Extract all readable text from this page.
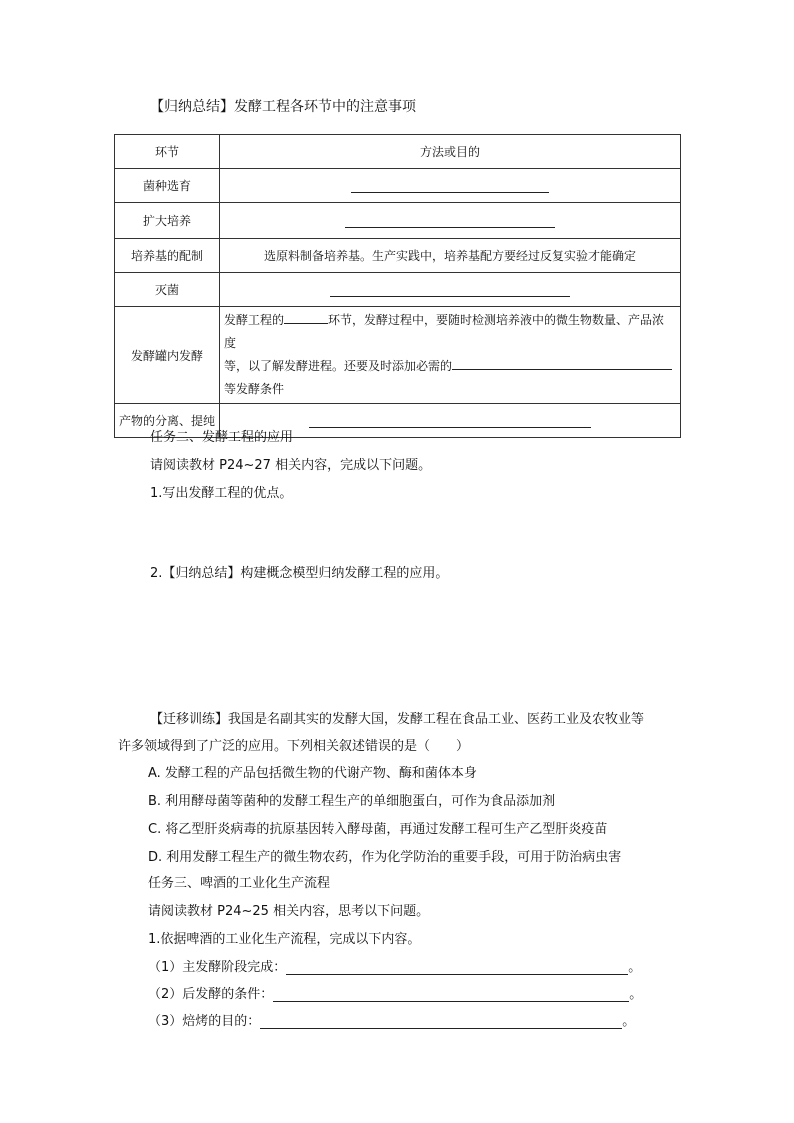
【归纳总结】发酵工程各环节中的注意事项
环节	方法或目的
菌种选育	
扩大培养	
培养基的配制	选原料制备培养基。生产实践中，培养基配方要经过反复实验才能确定
灭菌	
发酵罐内发酵	发酵工程的 环节，发酵过程中，要随时检测培养液中的微生物数量、产品浓度
等，以了解发酵进程。还要及时添加必需的
等发酵条件

产物的分离、提纯	
任务二、发酵工程的应用
请阅读教材 P24~27 相关内容，完成以下问题。
1.写出发酵工程的优点。
2.【归纳总结】构建概念模型归纳发酵工程的应用。
【迁移训练】我国是名副其实的发酵大国，发酵工程在食品工业、医药工业及农牧业等
许多领域得到了广泛的应用。下列相关叙述错误的是（　　）
A. 发酵工程的产品包括微生物的代谢产物、酶和菌体本身
B. 利用酵母菌等菌种的发酵工程生产的单细胞蛋白，可作为食品添加剂
C. 将乙型肝炎病毒的抗原基因转入酵母菌，再通过发酵工程可生产乙型肝炎疫苗
D. 利用发酵工程生产的微生物农药，作为化学防治的重要手段，可用于防治病虫害
任务三、啤酒的工业化生产流程
请阅读教材 P24~25 相关内容，思考以下问题。
1.依据啤酒的工业化生产流程，完成以下内容。
（1）主发酵阶段完成：	。
（2）后发酵的条件：	。
（3）焙烤的目的：	。
